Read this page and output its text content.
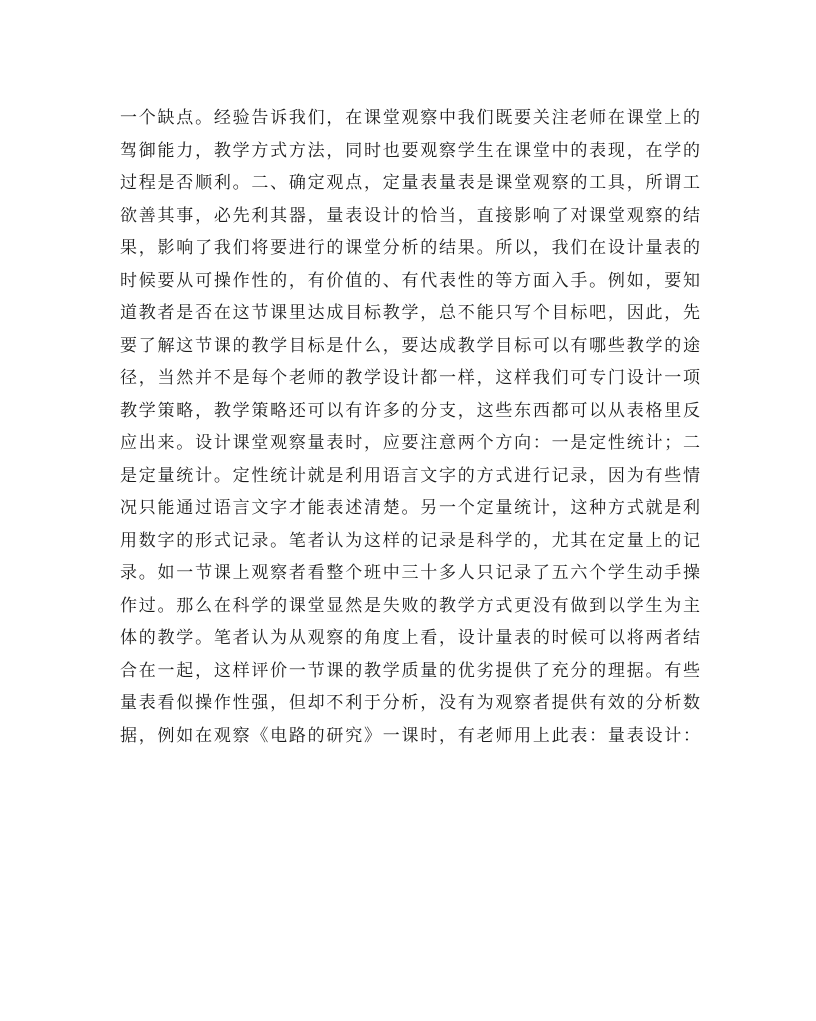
一个缺点。经验告诉我们，在课堂观察中我们既要关注老师在课堂上的
驾御能力，教学方式方法，同时也要观察学生在课堂中的表现，在学的
过程是否顺利。二、确定观点，定量表量表是课堂观察的工具，所谓工
欲善其事，必先利其器，量表设计的恰当，直接影响了对课堂观察的结
果，影响了我们将要进行的课堂分析的结果。所以，我们在设计量表的
时候要从可操作性的，有价值的、有代表性的等方面入手。例如，要知
道教者是否在这节课里达成目标教学，总不能只写个目标吧，因此，先
要了解这节课的教学目标是什么，要达成教学目标可以有哪些教学的途
径，当然并不是每个老师的教学设计都一样，这样我们可专门设计一项
教学策略，教学策略还可以有许多的分支，这些东西都可以从表格里反
应出来。设计课堂观察量表时，应要注意两个方向：一是定性统计；二
是定量统计。定性统计就是利用语言文字的方式进行记录，因为有些情
况只能通过语言文字才能表述清楚。另一个定量统计，这种方式就是利
用数字的形式记录。笔者认为这样的记录是科学的，尤其在定量上的记
录。如一节课上观察者看整个班中三十多人只记录了五六个学生动手操
作过。那么在科学的课堂显然是失败的教学方式更没有做到以学生为主
体的教学。笔者认为从观察的角度上看，设计量表的时候可以将两者结
合在一起，这样评价一节课的教学质量的优劣提供了充分的理据。有些
量表看似操作性强，但却不利于分析，没有为观察者提供有效的分析数
据，例如在观察《电路的研究》一课时，有老师用上此表：量表设计：
